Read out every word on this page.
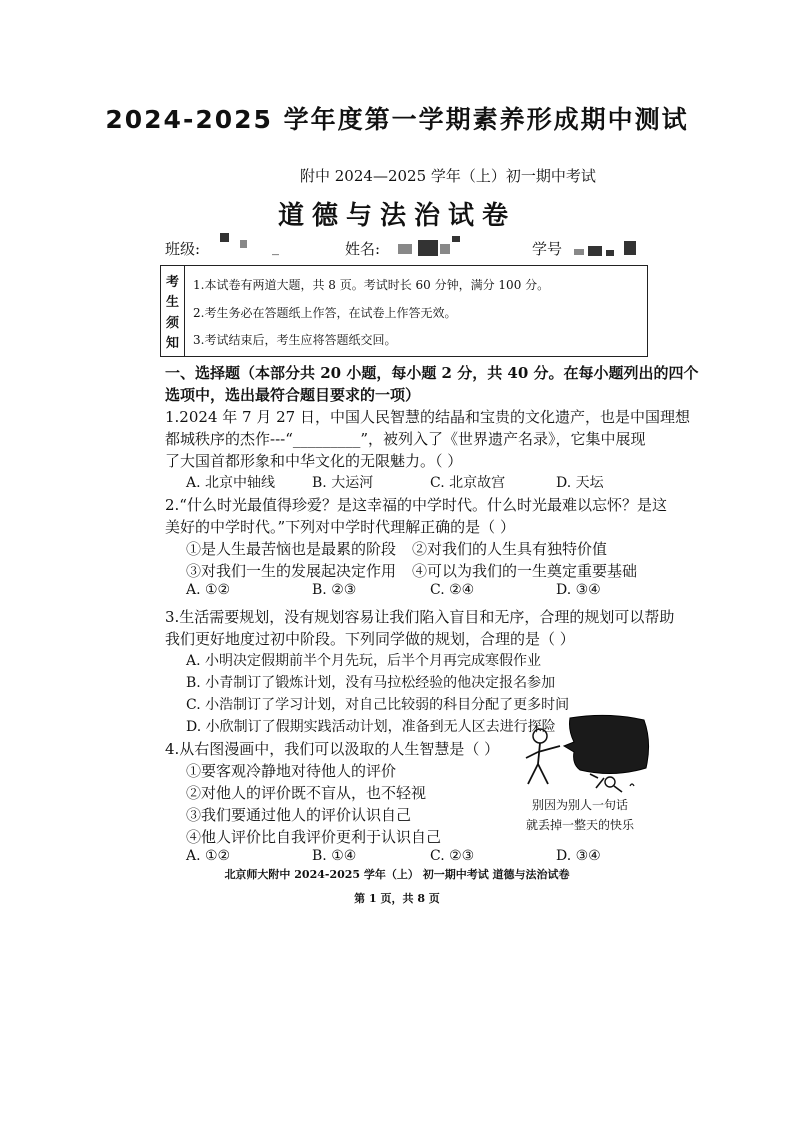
2024-2025 学年度第一学期素养形成期中测试
附中 2024—2025 学年（上）初一期中考试
道德与法治试卷
班级:	_	姓名:	学号
考
生
须
知
1.本试卷有两道大题，共 8 页。考试时长 60 分钟，满分 100 分。
2.考生务必在答题纸上作答，在试卷上作答无效。
3.考试结束后，考生应将答题纸交回。
一、选择题（本部分共 20 小题，每小题 2 分，共 40 分。在每小题列出的四个
选项中，选出最符合题目要求的一项）
1.2024 年 7 月 27 日，中国人民智慧的结晶和宝贵的文化遗产，也是中国理想
都城秩序的杰作---“_________”，被列入了《世界遗产名录》，它集中展现
了大国首都形象和中华文化的无限魅力。（ ）
A. 北京中轴线	B. 大运河	C. 北京故宫	D. 天坛
2.“什么时光最值得珍爱？是这幸福的中学时代。什么时光最难以忘怀？是这
美好的中学时代。”下列对中学时代理解正确的是（ ）
①是人生最苦恼也是最累的阶段 ②对我们的人生具有独特价值
③对我们一生的发展起决定作用 ④可以为我们的一生奠定重要基础
A. ①②	B. ②③	C. ②④	D. ③④
3.生活需要规划，没有规划容易让我们陷入盲目和无序，合理的规划可以帮助
我们更好地度过初中阶段。下列同学做的规划，合理的是（ ）
A. 小明决定假期前半个月先玩，后半个月再完成寒假作业
B. 小青制订了锻炼计划，没有马拉松经验的他决定报名参加
C. 小浩制订了学习计划，对自己比较弱的科目分配了更多时间
D. 小欣制订了假期实践活动计划，准备到无人区去进行探险
4.从右图漫画中，我们可以汲取的人生智慧是（ ）
①要客观冷静地对待他人的评价
②对他人的评价既不盲从，也不轻视
③我们要通过他人的评价认识自己
④他人评价比自我评价更利于认识自己
A. ①②	B. ①④	C. ②③	D. ③④
别因为别人一句话
就丢掉一整天的快乐
北京师大附中 2024-2025 学年（上） 初一期中考试 道德与法治试卷
第 1 页，共 8 页
